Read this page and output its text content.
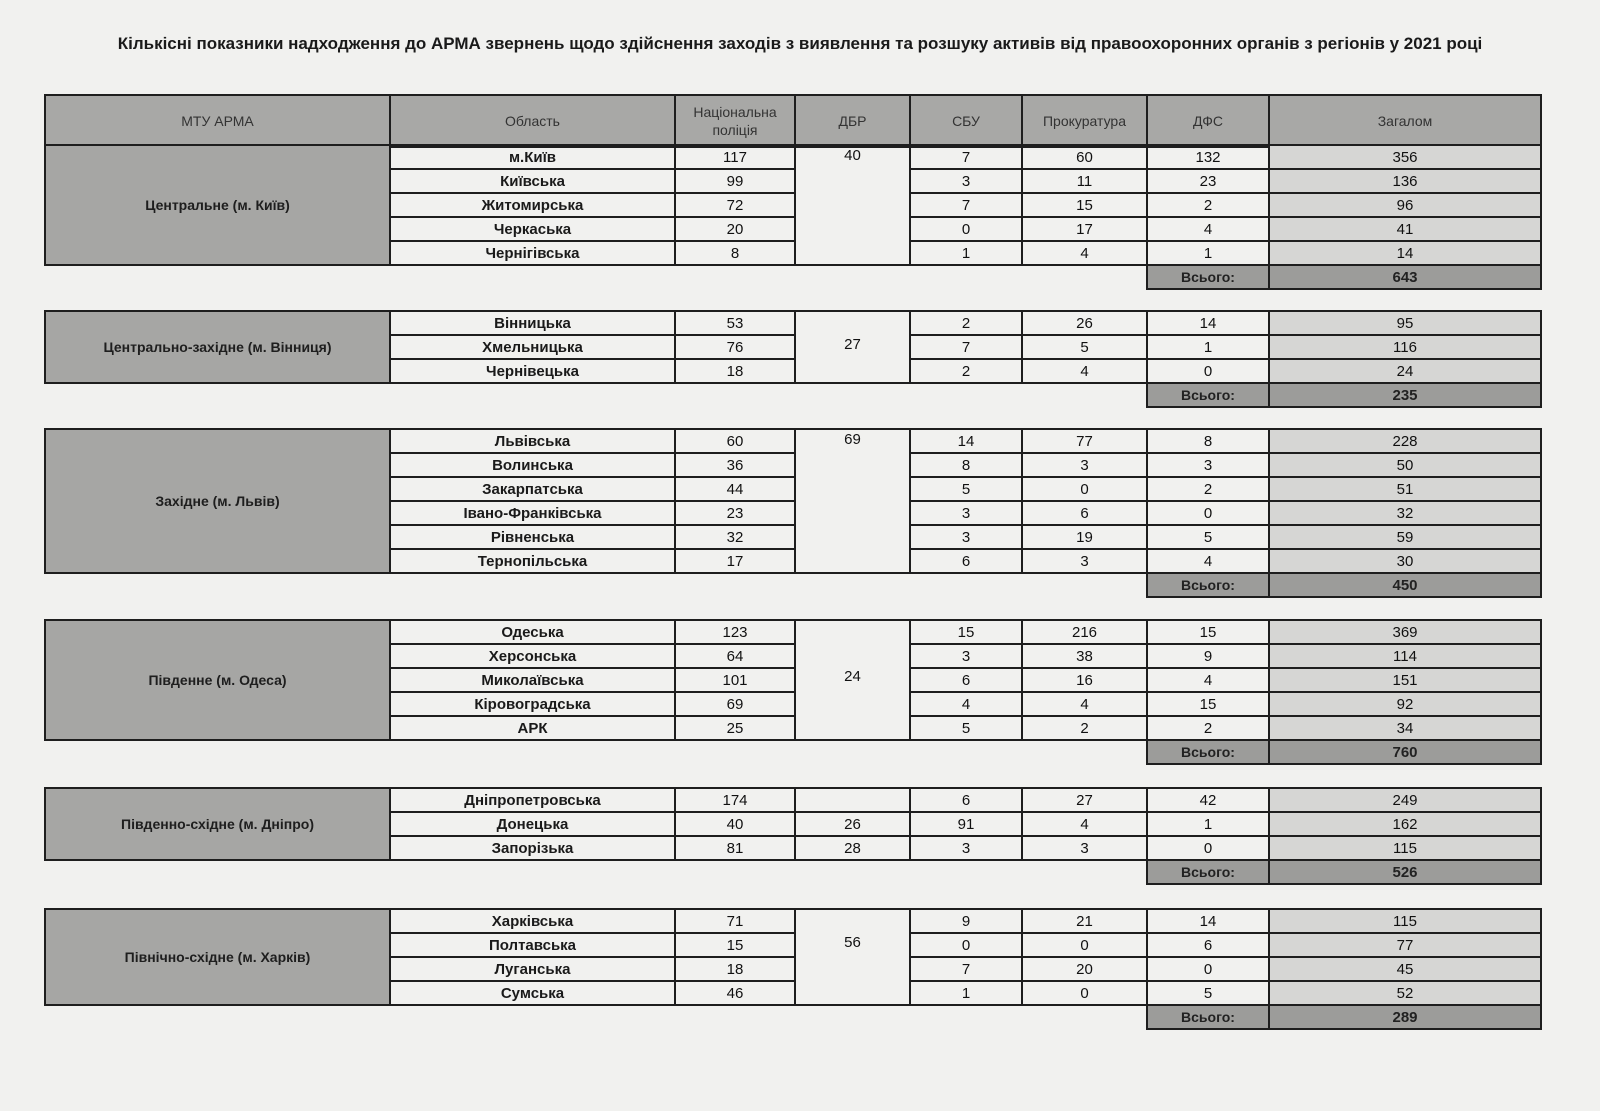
Кількісні показники надходження до АРМА звернень щодо здійснення заходів з виявлення та розшуку активів від правоохоронних органів з регіонів у 2021 році
МТУ АРМА	Область	Національна поліція	ДБР	СБУ	Прокуратура	ДФС	Загалом
Центральне (м. Київ)	м.Київ	117	40	7	60	132	356
	Київська	99		3	11	23	136
	Житомирська	72		7	15	2	96
	Черкаська	20		0	17	4	41
	Чернігівська	8		1	4	1	14
						Всього:	643
Центрально-західне (м. Вінниця)	Вінницька	53	27	2	26	14	95
	Хмельницька	76		7	5	1	116
	Чернівецька	18		2	4	0	24
						Всього:	235
Західне (м. Львів)	Львівська	60	69	14	77	8	228
	Волинська	36		8	3	3	50
	Закарпатська	44		5	0	2	51
	Івано-Франківська	23		3	6	0	32
	Рівненська	32		3	19	5	59
	Тернопільська	17		6	3	4	30
						Всього:	450
Південне (м. Одеса)	Одеська	123	24	15	216	15	369
	Херсонська	64		3	38	9	114
	Миколаївська	101		6	16	4	151
	Кіровоградська	69		4	4	15	92
	АРК	25		5	2	2	34
						Всього:	760
Південно-східне (м. Дніпро)	Дніпропетровська	174		6	27	42	249
	Донецька	40	26	91	4	1	162
	Запорізька	81	28	3	3	0	115
						Всього:	526
Північно-східне (м. Харків)	Харківська	71	56	9	21	14	115
	Полтавська	15		0	0	6	77
	Луганська	18		7	20	0	45
	Сумська	46		1	0	5	52
						Всього:	289
